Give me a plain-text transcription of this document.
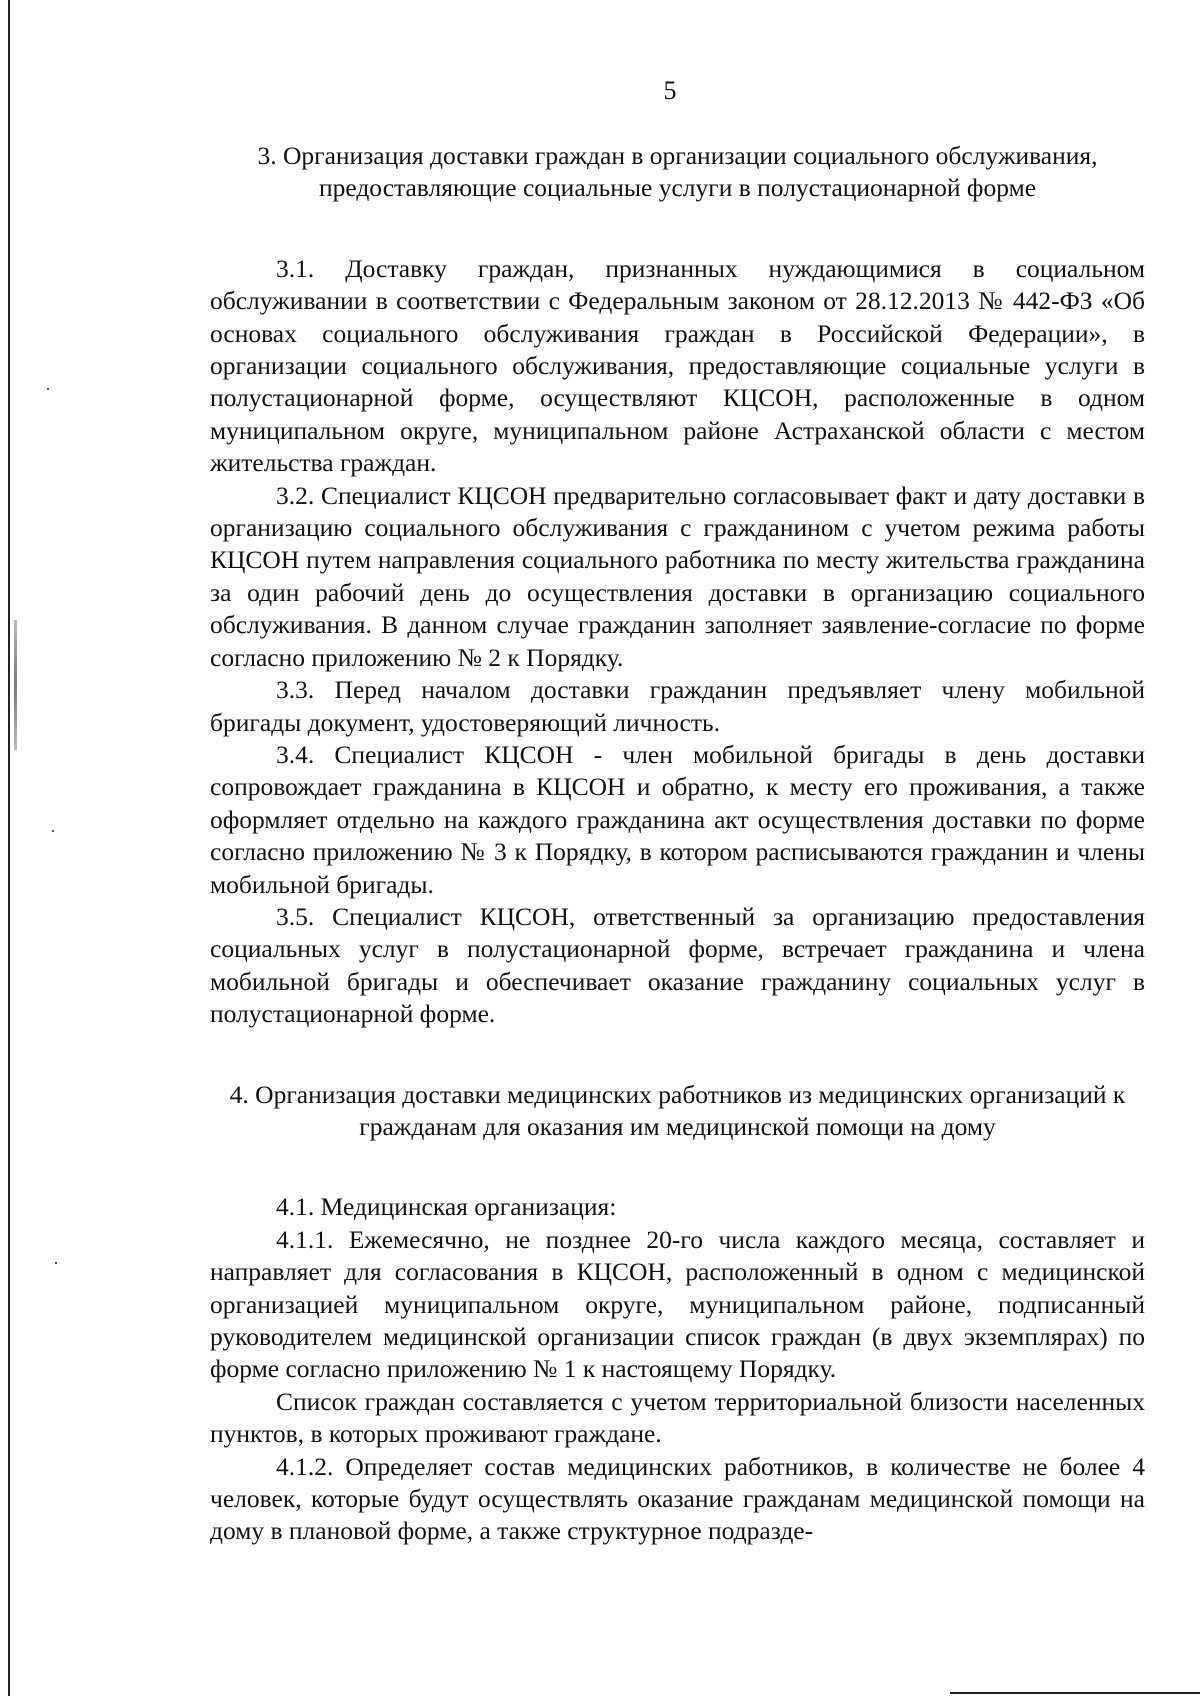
5
3. Организация доставки граждан в организации социального обслуживания, предоставляющие социальные услуги в полустационарной форме

3.1. Доставку граждан, признанных нуждающимися в социальном обслуживании в соответствии с Федеральным законом от 28.12.2013 № 442-ФЗ «Об основах социального обслуживания граждан в Российской Федерации», в организации социального обслуживания, предоставляющие социальные услуги в полустационарной форме, осуществляют КЦСОН, расположенные в одном муниципальном округе, муниципальном районе Астраханской области с местом жительства граждан.

3.2. Специалист КЦСОН предварительно согласовывает факт и дату доставки в организацию социального обслуживания с гражданином с учетом режима работы КЦСОН путем направления социального работника по месту жительства гражданина за один рабочий день до осуществления доставки в организацию социального обслуживания. В данном случае гражданин заполняет заявление-согласие по форме согласно приложению № 2 к Порядку.

3.3. Перед началом доставки гражданин предъявляет члену мобильной бригады документ, удостоверяющий личность.

3.4. Специалист КЦСОН - член мобильной бригады в день доставки сопровождает гражданина в КЦСОН и обратно, к месту его проживания, а также оформляет отдельно на каждого гражданина акт осуществления доставки по форме согласно приложению № 3 к Порядку, в котором расписываются гражданин и члены мобильной бригады.

3.5. Специалист КЦСОН, ответственный за организацию предоставления социальных услуг в полустационарной форме, встречает гражданина и члена мобильной бригады и обеспечивает оказание гражданину социальных услуг в полустационарной форме.

4. Организация доставки медицинских работников из медицинских организаций к гражданам для оказания им медицинской помощи на дому

4.1. Медицинская организация:

4.1.1. Ежемесячно, не позднее 20-го числа каждого месяца, составляет и направляет для согласования в КЦСОН, расположенный в одном с медицинской организацией муниципальном округе, муниципальном районе, подписанный руководителем медицинской организации список граждан (в двух экземплярах) по форме согласно приложению № 1 к настоящему Порядку.

Список граждан составляется с учетом территориальной близости населенных пунктов, в которых проживают граждане.

4.1.2. Определяет состав медицинских работников, в количестве не более 4 человек, которые будут осуществлять оказание гражданам медицинской помощи на дому в плановой форме, а также структурное подразде-
